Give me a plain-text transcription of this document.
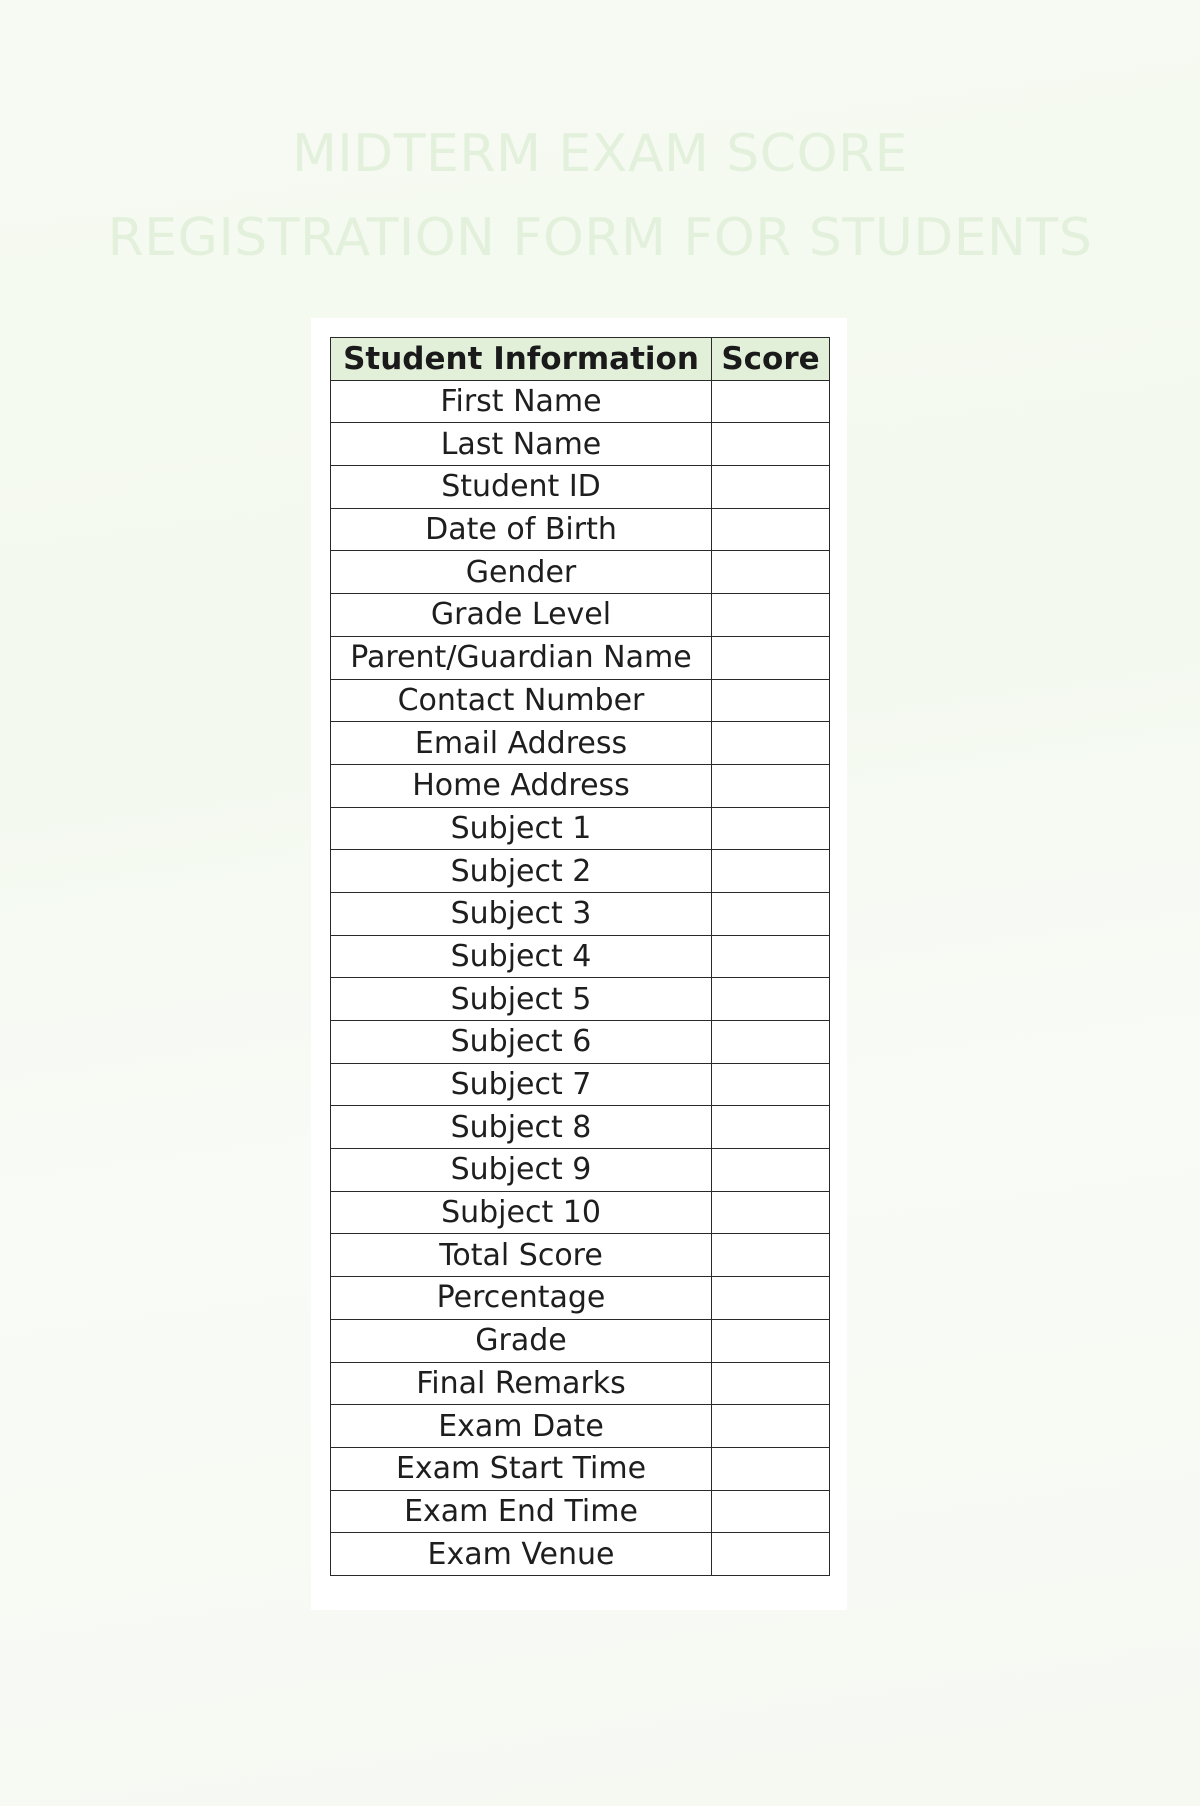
MIDTERM EXAM SCORE
REGISTRATION FORM FOR STUDENTS
Student Information	Score
First Name	
Last Name	
Student ID	
Date of Birth	
Gender	
Grade Level	
Parent/Guardian Name	
Contact Number	
Email Address	
Home Address	
Subject 1	
Subject 2	
Subject 3	
Subject 4	
Subject 5	
Subject 6	
Subject 7	
Subject 8	
Subject 9	
Subject 10	
Total Score	
Percentage	
Grade	
Final Remarks	
Exam Date	
Exam Start Time	
Exam End Time	
Exam Venue	
